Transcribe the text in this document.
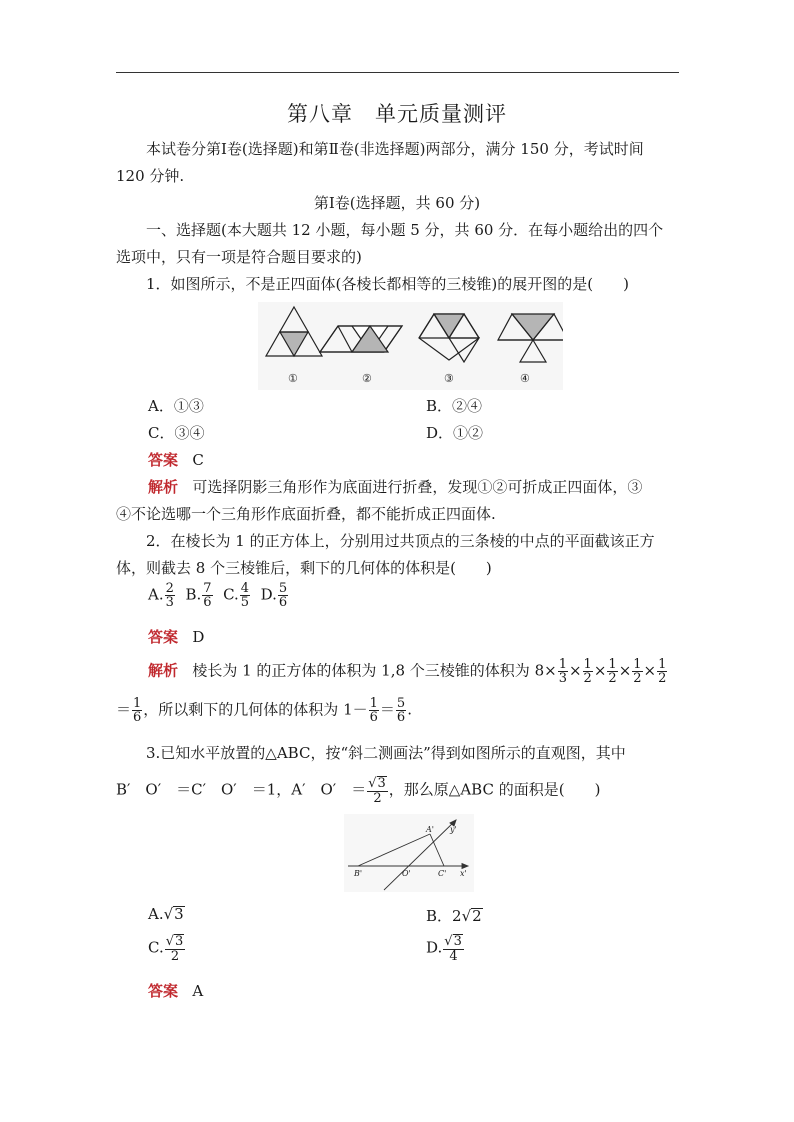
第八章　单元质量测评
本试卷分第Ⅰ卷(选择题)和第Ⅱ卷(非选择题)两部分，满分 150 分，考试时间
120 分钟.
第Ⅰ卷(选择题，共 60 分)
一、选择题(本大题共 12 小题，每小题 5 分，共 60 分．在每小题给出的四个
选项中，只有一项是符合题目要求的)
1．如图所示，不是正四面体(各棱长都相等的三棱锥)的展开图的是(　　)
①	②	③	④
A．①③	B．②④
C．③④	D．①②
答案 C
解析 可选择阴影三角形作为底面进行折叠，发现①②可折成正四面体，③
④不论选哪一个三角形作底面折叠，都不能折成正四面体.
2．在棱长为 1 的正方体上，分别用过共顶点的三条棱的中点的平面截该正方
体，则截去 8 个三棱锥后，剩下的几何体的体积是(　　)
A. $\frac{2}{3} B$. $\frac{7}{6} C$. $\frac{4}{5} D$. $\frac{5}{6}$
答案 D
解析 棱长为 1 的正方体的体积为 1,8 个三棱锥的体积为 $8\times \frac{1}{3} \times \frac{1}{2} \times \frac{1}{2} \times \frac{1}{2} \times \frac{1}{2}$
＝ $\frac{1}{6}$ ，所以剩下的几何体的体积为 $1- \frac{1}{6} = \frac{5}{6}$ .
3.已知水平放置的△ABC，按“斜二测画法”得到如图所示的直观图，其中
B′　O′　＝C′　O′　＝1，A′　O′　＝ $\frac{√3}{2}$ ，那么原△ABC 的面积是(　　)
A'
B'	O'	C' x'
y'
A.√3	B．2√2
C. $\frac{√3}{2}$	D. $\frac{√3}{4}$
答案 A
